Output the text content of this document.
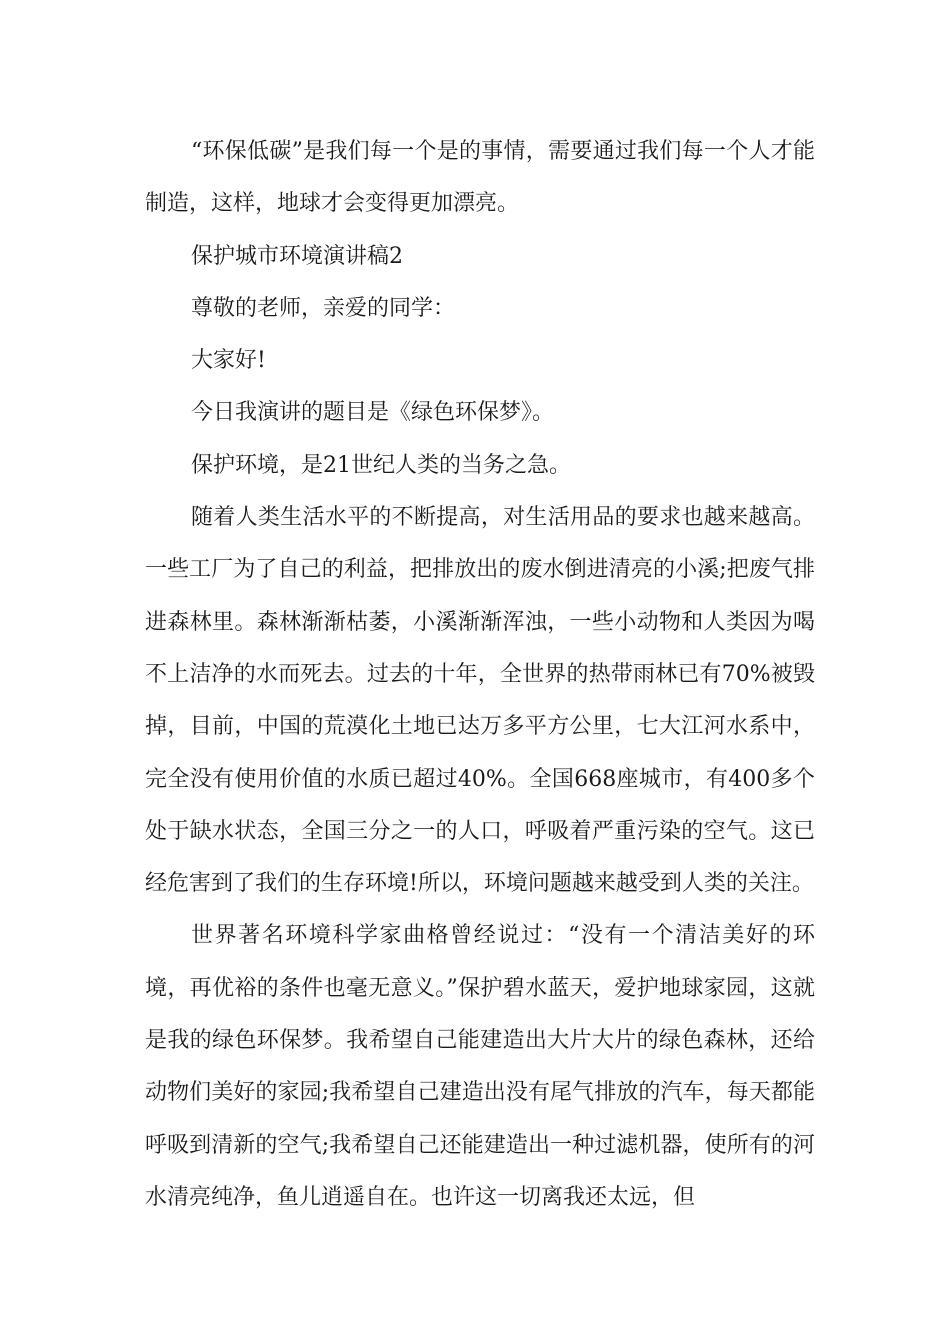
“环保低碳”是我们每一个是的事情，需要通过我们每一个人才能制造，这样，地球才会变得更加漂亮。

保护城市环境演讲稿2

尊敬的老师，亲爱的同学：

大家好!

今日我演讲的题目是《绿色环保梦》。

保护环境，是21世纪人类的当务之急。

随着人类生活水平的不断提高，对生活用品的要求也越来越高。一些工厂为了自己的利益，把排放出的废水倒进清亮的小溪;把废气排进森林里。森林渐渐枯萎，小溪渐渐浑浊，一些小动物和人类因为喝不上洁净的水而死去。过去的十年，全世界的热带雨林已有70%被毁掉，目前，中国的荒漠化土地已达万多平方公里，七大江河水系中，完全没有使用价值的水质已超过40%。全国668座城市，有400多个处于缺水状态，全国三分之一的人口，呼吸着严重污染的空气。这已经危害到了我们的生存环境!所以，环境问题越来越受到人类的关注。

世界著名环境科学家曲格曾经说过：“没有一个清洁美好的环境，再优裕的条件也毫无意义。”保护碧水蓝天，爱护地球家园，这就是我的绿色环保梦。我希望自己能建造出大片大片的绿色森林，还给动物们美好的家园;我希望自己建造出没有尾气排放的汽车，每天都能呼吸到清新的空气;我希望自己还能建造出一种过滤机器，使所有的河水清亮纯净，鱼儿逍遥自在。也许这一切离我还太远，但
